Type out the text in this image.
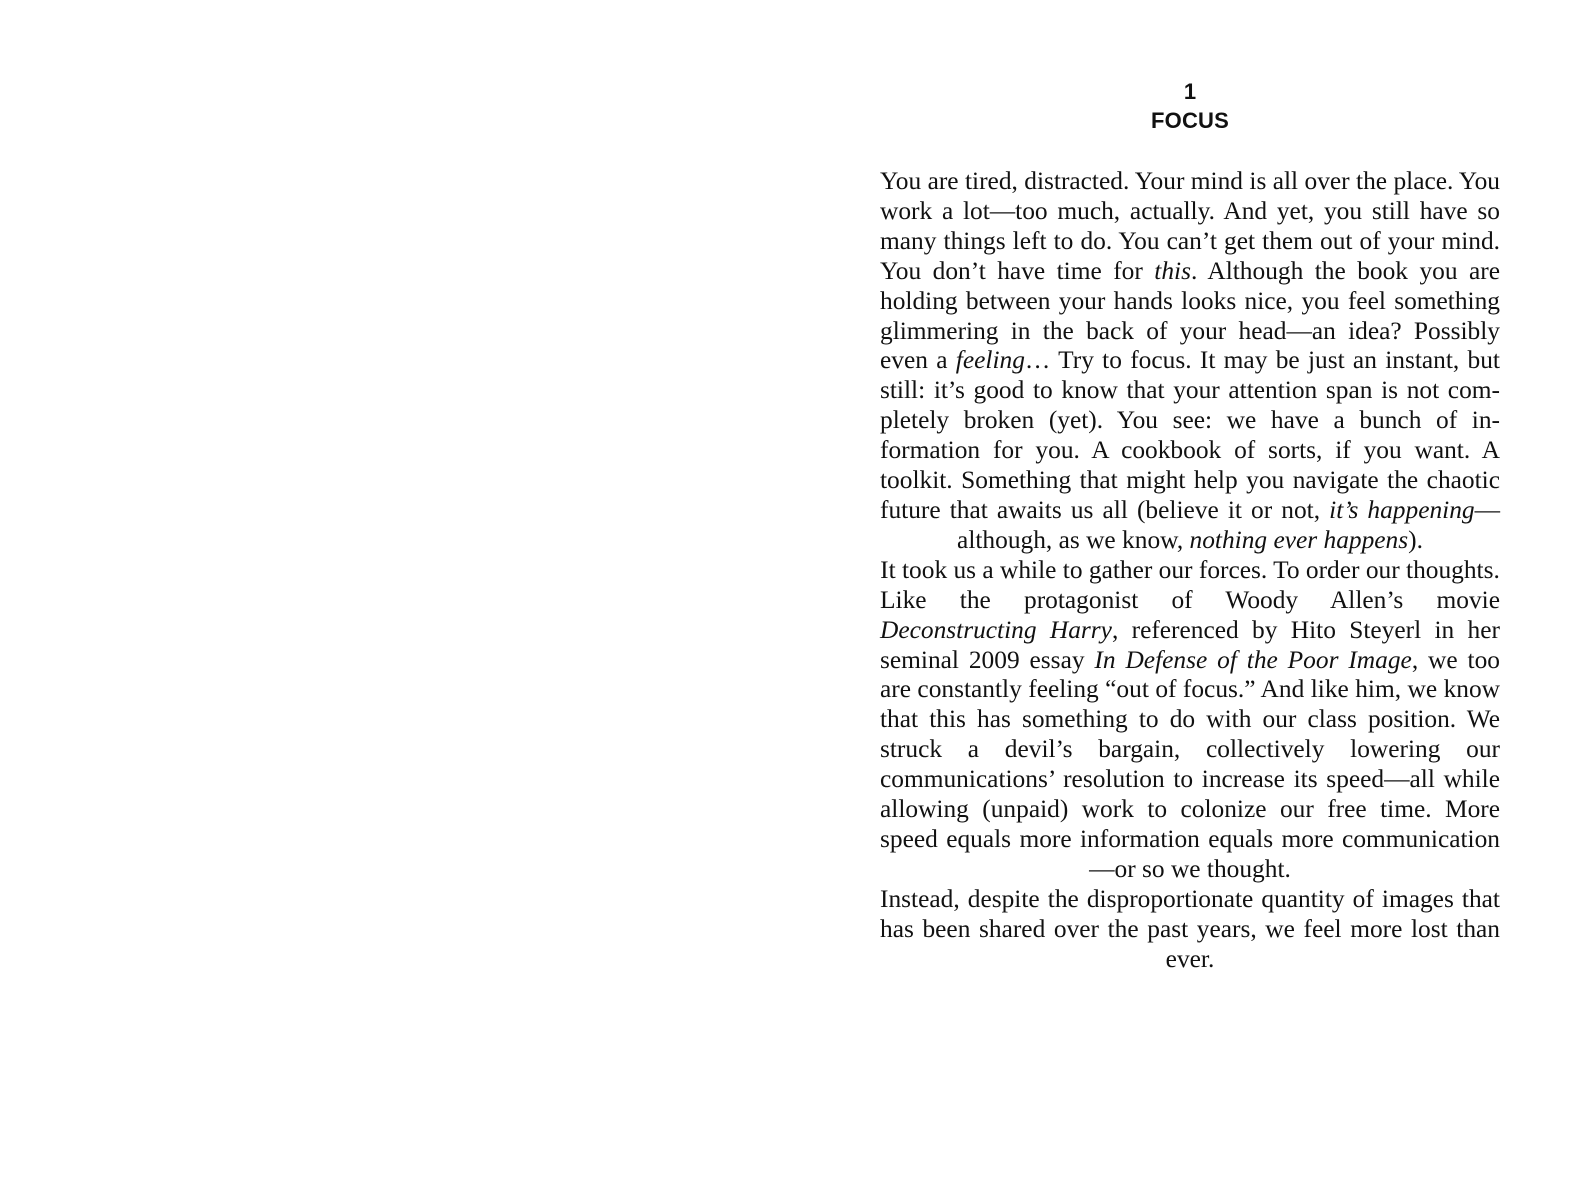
1
FOCUS

You are tired, distracted. Your mind is all over the place. You work a lot—too much, actually. And yet, you still have so many things left to do. You can’t get them out of your mind. You don’t have time for this. Although the book you are holding between your hands looks nice, you feel something glimmering in the back of your head—an idea? Possibly even a feeling… Try to focus. It may be just an instant, but still: it’s good to know that your attention span is not completely broken (yet). You see: we have a bunch of information for you. A cookbook of sorts, if you want. A toolkit. Something that might help you navigate the chaotic future that awaits us all (believe it or not, it’s happening—although, as we know, nothing ever happens).

It took us a while to gather our forces. To order our thoughts.

Like the protagonist of Woody Allen’s movie Deconstructing Harry, referenced by Hito Steyerl in her seminal 2009 essay In Defense of the Poor Image, we too are constantly feeling “out of focus.” And like him, we know that this has something to do with our class position. We struck a devil’s bargain, collectively lowering our communications’ resolution to increase its speed—all while allowing (unpaid) work to colonize our free time. More speed equals more information equals more communication—or so we thought.

Instead, despite the disproportionate quantity of images that has been shared over the past years, we feel more lost than ever.
